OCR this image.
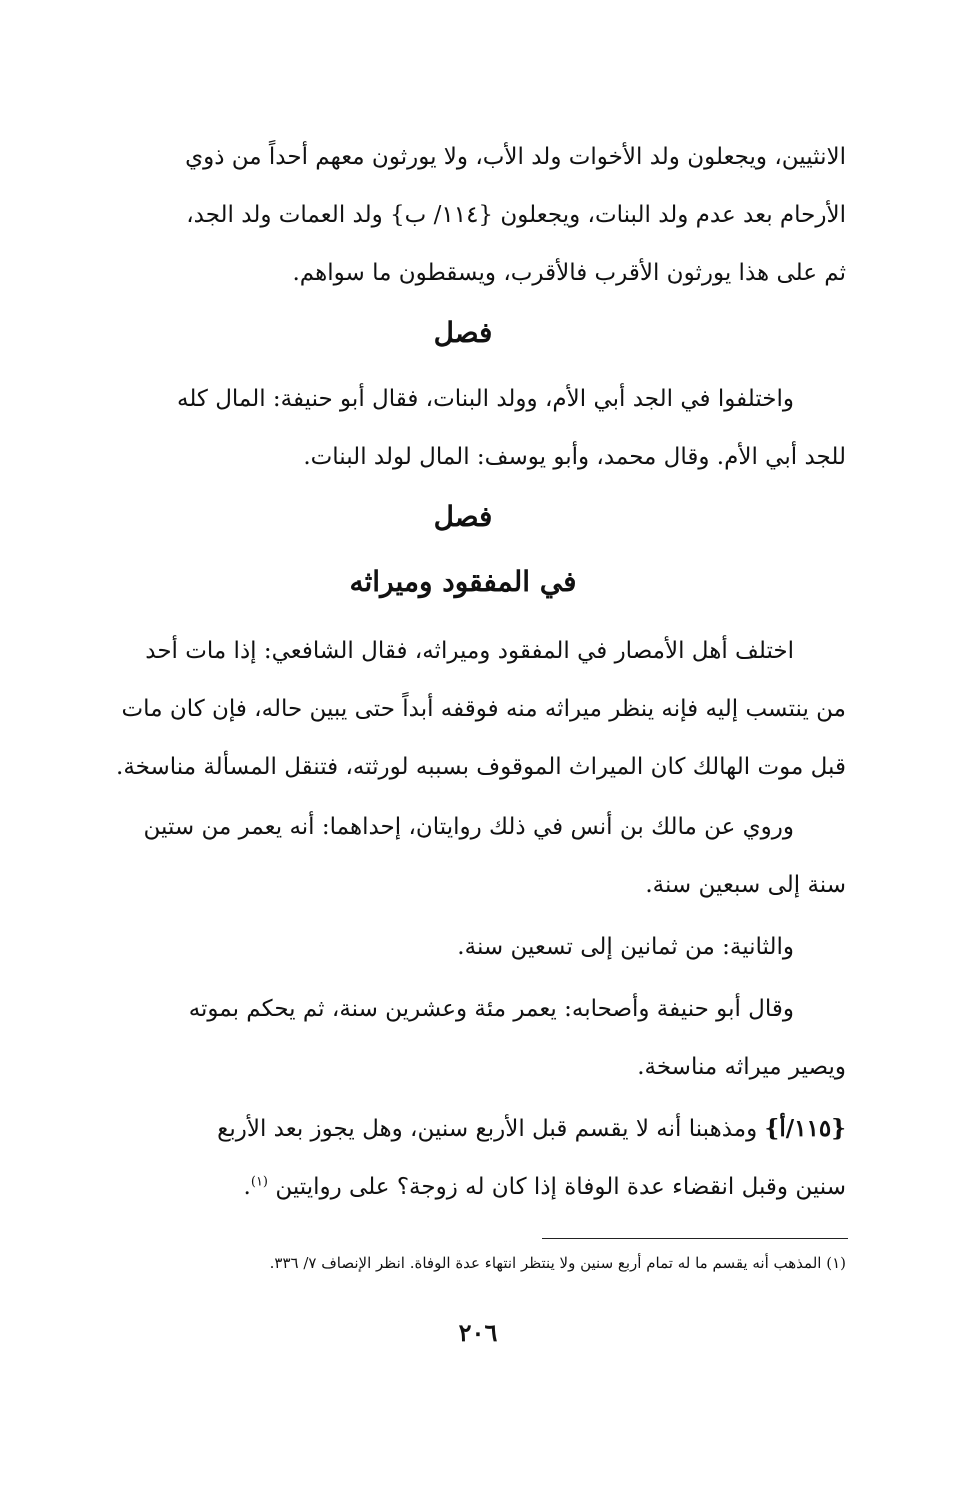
الانثيين، ويجعلون ولد الأخوات ولد الأب، ولا يورثون معهم أحداً من ذوي

الأرحام بعد عدم ولد البنات، ويجعلون {١١٤/ ب} ولد العمات ولد الجد،

ثم على هذا يورثون الأقرب فالأقرب، ويسقطون ما سواهم.

فصل

واختلفوا في الجد أبي الأم، وولد البنات، فقال أبو حنيفة: المال كله

للجد أبي الأم. وقال محمد، وأبو يوسف: المال لولد البنات.

فصل
في المفقود وميراثه

اختلف أهل الأمصار في المفقود وميراثه، فقال الشافعي: إذا مات أحد

من ينتسب إليه فإنه ينظر ميراثه منه فوقفه أبداً حتى يبين حاله، فإن كان مات

قبل موت الهالك كان الميراث الموقوف بسببه لورثته، فتنقل المسألة مناسخة.

وروي عن مالك بن أنس في ذلك روايتان، إحداهما: أنه يعمر من ستين

سنة إلى سبعين سنة.

والثانية: من ثمانين إلى تسعين سنة.

وقال أبو حنيفة وأصحابه: يعمر مئة وعشرين سنة، ثم يحكم بموته

ويصير ميراثه مناسخة.

{١١٥/أ} ومذهبنا أنه لا يقسم قبل الأربع سنين، وهل يجوز بعد الأربع

سنين وقبل انقضاء عدة الوفاة إذا كان له زوجة؟ على روايتين $^{(١)}$.

(١) المذهب أنه يقسم ما له تمام أربع سنين ولا ينتظر انتهاء عدة الوفاة. انظر الإنصاف ٧/ ٣٣٦.
٢٠٦
